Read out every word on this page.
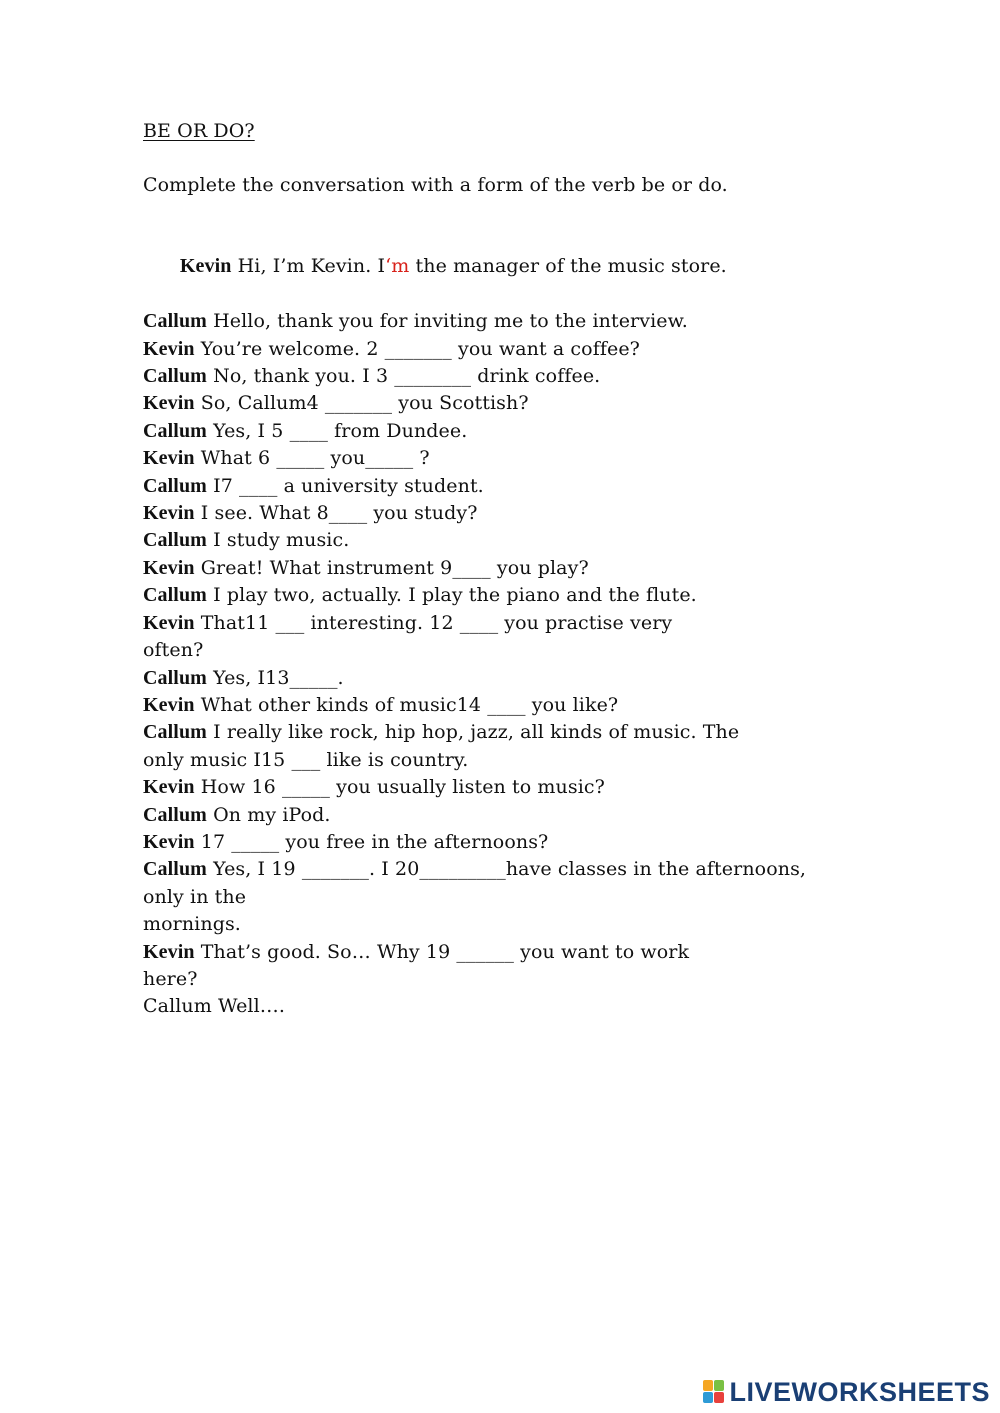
BE OR DO?
Complete the conversation with a form of the verb be or do.

Kevin Hi, I’m Kevin. I‘m the manager of the music store.

Callum Hello, thank you for inviting me to the interview.
Kevin You’re welcome. 2 _______ you want a coffee?
Callum No, thank you. I 3 ________ drink coffee.
Kevin So, Callum4 _______ you Scottish?
Callum Yes, I 5 ____ from Dundee.
Kevin What 6 _____ you_____ ?
Callum I7 ____ a university student.
Kevin I see. What 8____ you study?
Callum I study music.
Kevin Great! What instrument 9____ you play?
Callum I play two, actually. I play the piano and the flute.
Kevin That11 ___ interesting. 12 ____ you practise very
often?
Callum Yes, I13_____.
Kevin What other kinds of music14 ____ you like?
Callum I really like rock, hip hop, jazz, all kinds of music. The
only music I15 ___ like is country.
Kevin How 16 _____ you usually listen to music?
Callum On my iPod.
Kevin 17 _____ you free in the afternoons?
Callum Yes, I 19 _______. I 20_________have classes in the afternoons,
only in the
mornings.
Kevin That’s good. So… Why 19 ______ you want to work
here?
Callum Well….
LIVEWORKSHEETS
